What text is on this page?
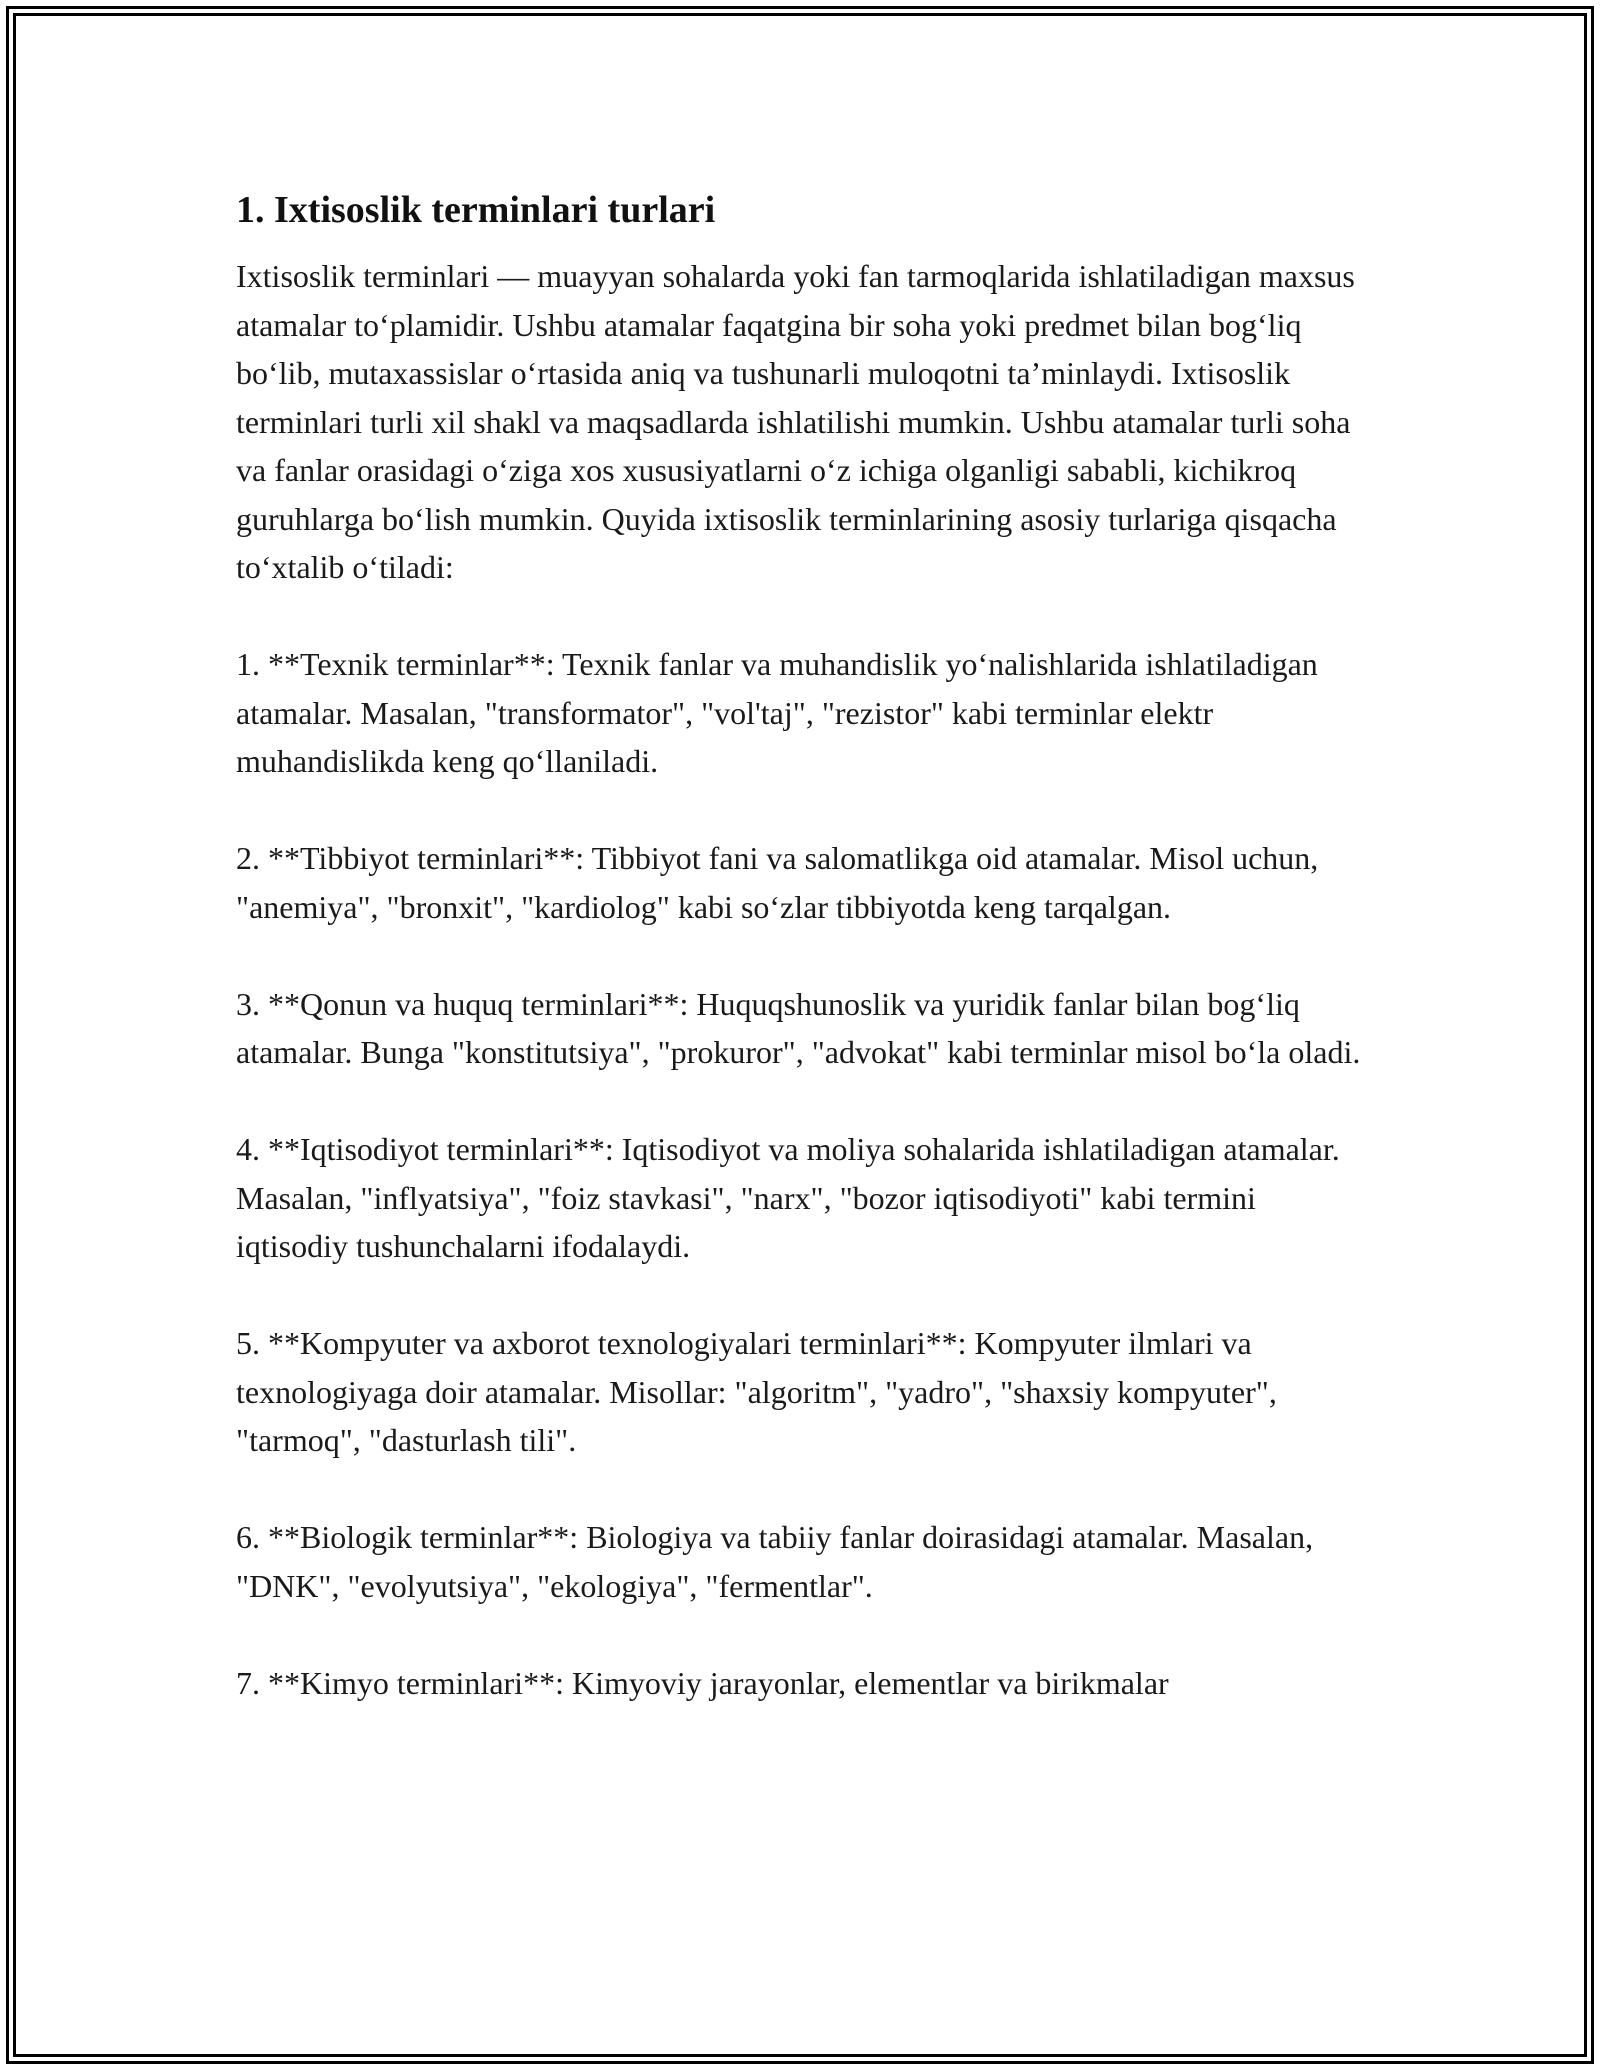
1. Ixtisoslik terminlari turlari

Ixtisoslik terminlari — muayyan sohalarda yoki fan tarmoqlarida ishlatiladigan maxsus atamalar to‘plamidir. Ushbu atamalar faqatgina bir soha yoki predmet bilan bog‘liq bo‘lib, mutaxassislar o‘rtasida aniq va tushunarli muloqotni ta’minlaydi. Ixtisoslik terminlari turli xil shakl va maqsadlarda ishlatilishi mumkin. Ushbu atamalar turli soha va fanlar orasidagi o‘ziga xos xususiyatlarni o‘z ichiga olganligi sababli, kichikroq guruhlarga bo‘lish mumkin. Quyida ixtisoslik terminlarining asosiy turlariga qisqacha to‘xtalib o‘tiladi:

1. **Texnik terminlar**: Texnik fanlar va muhandislik yo‘nalishlarida ishlatiladigan atamalar. Masalan, "transformator", "vol'taj", "rezistor" kabi terminlar elektr muhandislikda keng qo‘llaniladi.

2. **Tibbiyot terminlari**: Tibbiyot fani va salomatlikga oid atamalar. Misol uchun, "anemiya", "bronxit", "kardiolog" kabi so‘zlar tibbiyotda keng tarqalgan.

3. **Qonun va huquq terminlari**: Huquqshunoslik va yuridik fanlar bilan bog‘liq atamalar. Bunga "konstitutsiya", "prokuror", "advokat" kabi terminlar misol bo‘la oladi.

4. **Iqtisodiyot terminlari**: Iqtisodiyot va moliya sohalarida ishlatiladigan atamalar. Masalan, "inflyatsiya", "foiz stavkasi", "narx", "bozor iqtisodiyoti" kabi termini iqtisodiy tushunchalarni ifodalaydi.

5. **Kompyuter va axborot texnologiyalari terminlari**: Kompyuter ilmlari va texnologiyaga doir atamalar. Misollar: "algoritm", "yadro", "shaxsiy kompyuter", "tarmoq", "dasturlash tili".

6. **Biologik terminlar**: Biologiya va tabiiy fanlar doirasidagi atamalar. Masalan, "DNK", "evolyutsiya", "ekologiya", "fermentlar".

7. **Kimyo terminlari**: Kimyoviy jarayonlar, elementlar va birikmalar
